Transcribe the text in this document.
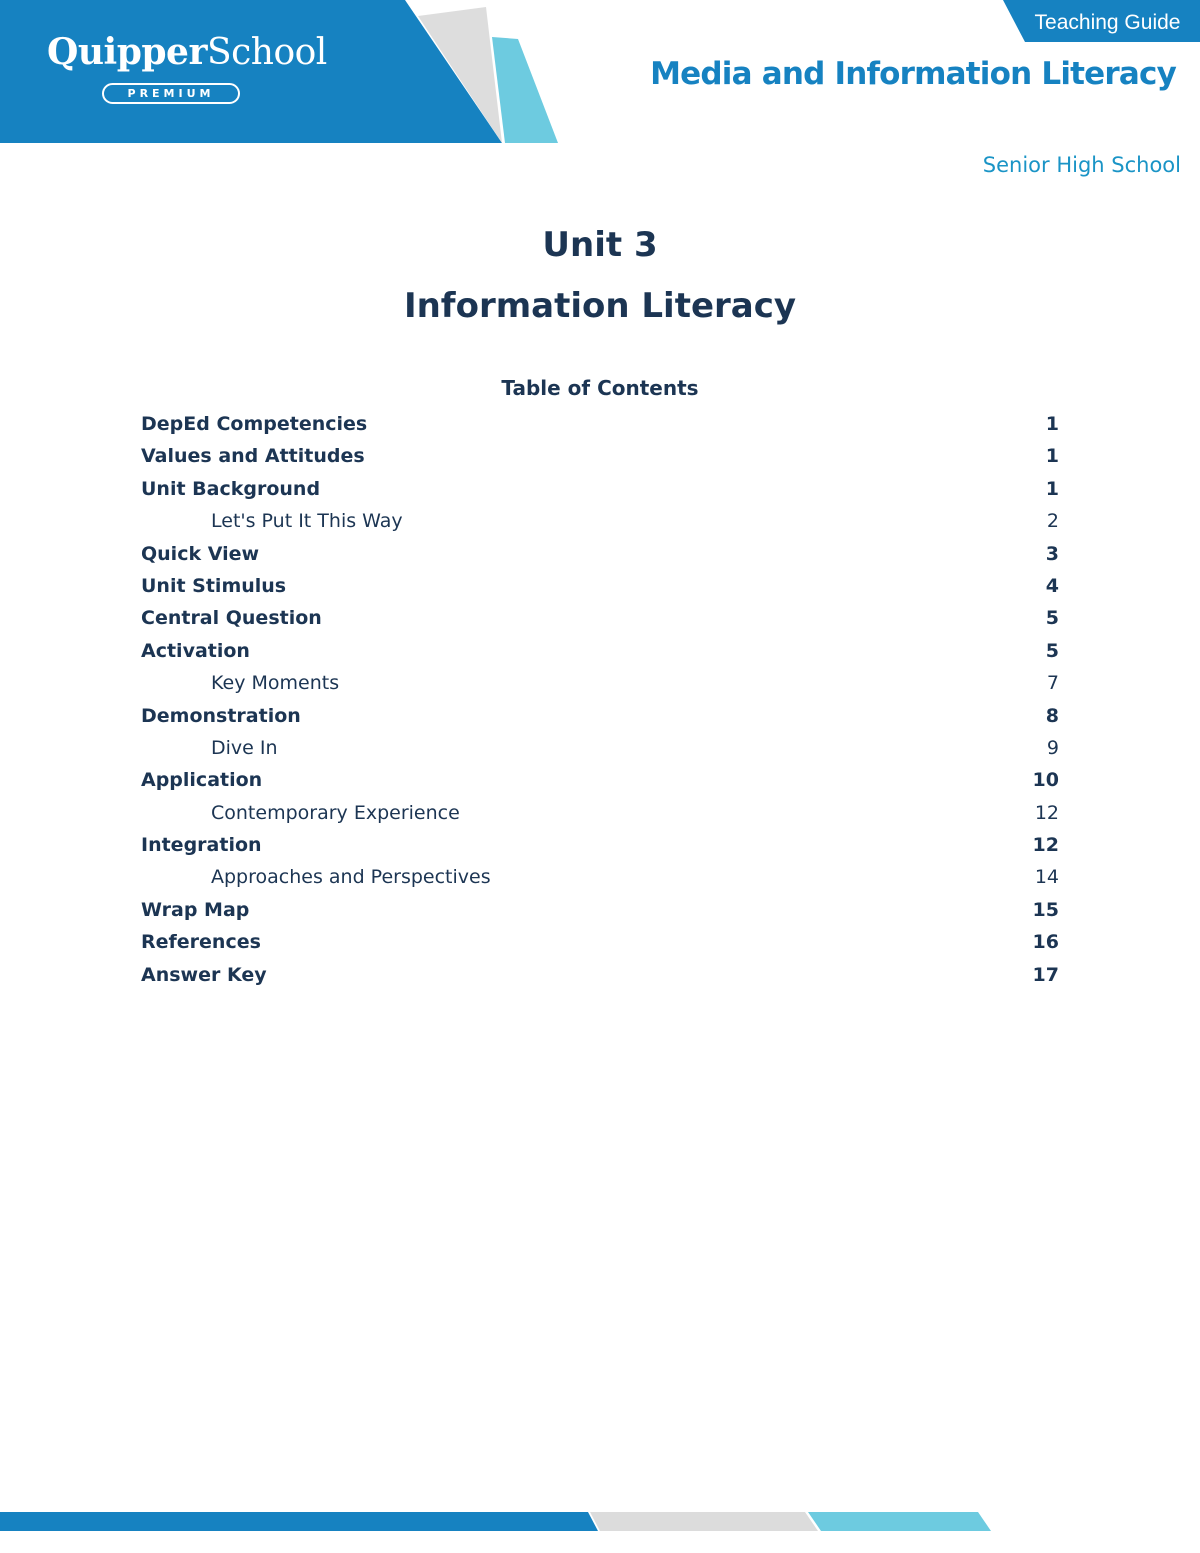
QuipperSchool
PREMIUM
Teaching Guide
Media and Information Literacy
Senior High School
Unit 3
Information Literacy
Table of Contents
DepEd Competencies	1
Values and Attitudes	1
Unit Background	1
Let's Put It This Way	2
Quick View	3
Unit Stimulus	4
Central Question	5
Activation	5
Key Moments	7
Demonstration	8
Dive In	9
Application	10
Contemporary Experience	12
Integration	12
Approaches and Perspectives	14
Wrap Map	15
References	16
Answer Key	17
